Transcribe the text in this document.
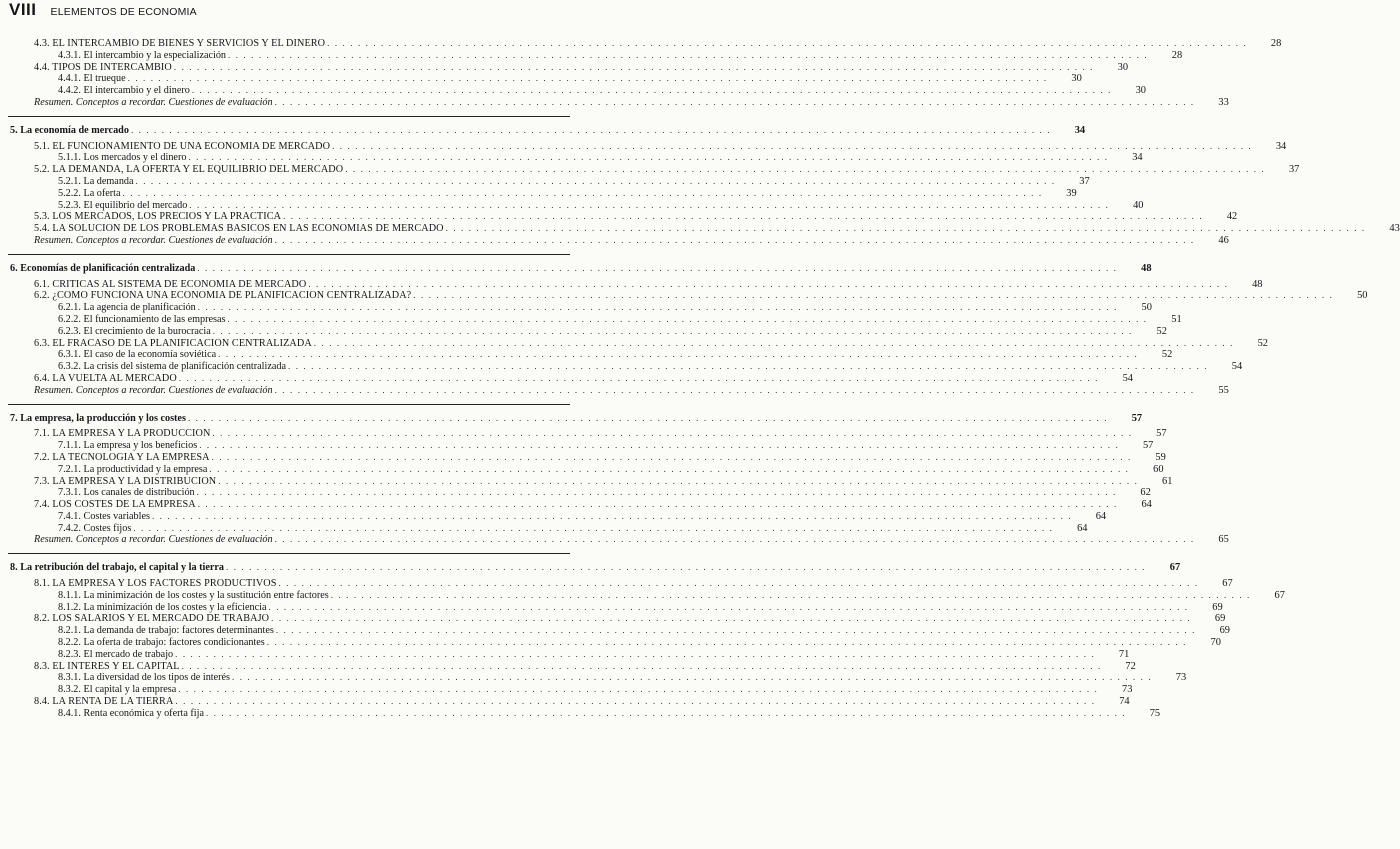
VIII ELEMENTOS DE ECONOMIA
4.3. EL INTERCAMBIO DE BIENES Y SERVICIOS Y EL DINERO . . . . . . . . . . . . . . . . . . . . . . . . . . . . . . . . . . . . . . . . . . . . . . . . . . . . . . . . . . . . . . . . . . . . . . . . . . . . . . . . . . . . . . . . . . . . . . . . . . . . . . . . . . . . . . . . . . . . . . . .	28
4.3.1. El intercambio y la especialización . . . . . . . . . . . . . . . . . . . . . . . . . . . . . . . . . . . . . . . . . . . . . . . . . . . . . . . . . . . . . . . . . . . . . . . . . . . . . . . . . . . . . . . . . . . . . . . . . . . . . . . . . . . . . . . . . . . . . . . .	28
4.4. TIPOS DE INTERCAMBIO . . . . . . . . . . . . . . . . . . . . . . . . . . . . . . . . . . . . . . . . . . . . . . . . . . . . . . . . . . . . . . . . . . . . . . . . . . . . . . . . . . . . . . . . . . . . . . . . . . . . . . . . . . . . . . . . . . . . . . . .	30
4.4.1. El trueque . . . . . . . . . . . . . . . . . . . . . . . . . . . . . . . . . . . . . . . . . . . . . . . . . . . . . . . . . . . . . . . . . . . . . . . . . . . . . . . . . . . . . . . . . . . . . . . . . . . . . . . . . . . . . . . . . . . . . . . .	30
4.4.2. El intercambio y el dinero . . . . . . . . . . . . . . . . . . . . . . . . . . . . . . . . . . . . . . . . . . . . . . . . . . . . . . . . . . . . . . . . . . . . . . . . . . . . . . . . . . . . . . . . . . . . . . . . . . . . . . . . . . . . . . . . . . . . . . . .	30
Resumen. Conceptos a recordar. Cuestiones de evaluación . . . . . . . . . . . . . . . . . . . . . . . . . . . . . . . . . . . . . . . . . . . . . . . . . . . . . . . . . . . . . . . . . . . . . . . . . . . . . . . . . . . . . . . . . . . . . . . . . . . . . . . . . . . . . . . . . . . . . . . .	33
5. La economía de mercado . . . . . . . . . . . . . . . . . . . . . . . . . . . . . . . . . . . . . . . . . . . . . . . . . . . . . . . . . . . . . . . . . . . . . . . . . . . . . . . . . . . . . . . . . . . . . . . . . . . . . . . . . . . . . . . . . . . . . . . .	34
5.1. EL FUNCIONAMIENTO DE UNA ECONOMIA DE MERCADO . . . . . . . . . . . . . . . . . . . . . . . . . . . . . . . . . . . . . . . . . . . . . . . . . . . . . . . . . . . . . . . . . . . . . . . . . . . . . . . . . . . . . . . . . . . . . . . . . . . . . . . . . . . . . . . . . . . . . . . .	34
5.1.1. Los mercados y el dinero . . . . . . . . . . . . . . . . . . . . . . . . . . . . . . . . . . . . . . . . . . . . . . . . . . . . . . . . . . . . . . . . . . . . . . . . . . . . . . . . . . . . . . . . . . . . . . . . . . . . . . . . . . . . . . . . . . . . . . . .	34
5.2. LA DEMANDA, LA OFERTA Y EL EQUILIBRIO DEL MERCADO . . . . . . . . . . . . . . . . . . . . . . . . . . . . . . . . . . . . . . . . . . . . . . . . . . . . . . . . . . . . . . . . . . . . . . . . . . . . . . . . . . . . . . . . . . . . . . . . . . . . . . . . . . . . . . . . . . . . . . . .	37
5.2.1. La demanda . . . . . . . . . . . . . . . . . . . . . . . . . . . . . . . . . . . . . . . . . . . . . . . . . . . . . . . . . . . . . . . . . . . . . . . . . . . . . . . . . . . . . . . . . . . . . . . . . . . . . . . . . . . . . . . . . . . . . . . .	37
5.2.2. La oferta . . . . . . . . . . . . . . . . . . . . . . . . . . . . . . . . . . . . . . . . . . . . . . . . . . . . . . . . . . . . . . . . . . . . . . . . . . . . . . . . . . . . . . . . . . . . . . . . . . . . . . . . . . . . . . . . . . . . . . . .	39
5.2.3. El equilibrio del mercado . . . . . . . . . . . . . . . . . . . . . . . . . . . . . . . . . . . . . . . . . . . . . . . . . . . . . . . . . . . . . . . . . . . . . . . . . . . . . . . . . . . . . . . . . . . . . . . . . . . . . . . . . . . . . . . . . . . . . . . .	40
5.3. LOS MERCADOS, LOS PRECIOS Y LA PRACTICA . . . . . . . . . . . . . . . . . . . . . . . . . . . . . . . . . . . . . . . . . . . . . . . . . . . . . . . . . . . . . . . . . . . . . . . . . . . . . . . . . . . . . . . . . . . . . . . . . . . . . . . . . . . . . . . . . . . . . . . .	42
5.4. LA SOLUCION DE LOS PROBLEMAS BASICOS EN LAS ECONOMIAS DE MERCADO . . . . . . . . . . . . . . . . . . . . . . . . . . . . . . . . . . . . . . . . . . . . . . . . . . . . . . . . . . . . . . . . . . . . . . . . . . . . . . . . . . . . . . . . . . . . . . . . . . . . . . . . . . . . . . . . . . . . . . . .	43
Resumen. Conceptos a recordar. Cuestiones de evaluación . . . . . . . . . . . . . . . . . . . . . . . . . . . . . . . . . . . . . . . . . . . . . . . . . . . . . . . . . . . . . . . . . . . . . . . . . . . . . . . . . . . . . . . . . . . . . . . . . . . . . . . . . . . . . . . . . . . . . . . .	46
6. Economías de planificación centralizada . . . . . . . . . . . . . . . . . . . . . . . . . . . . . . . . . . . . . . . . . . . . . . . . . . . . . . . . . . . . . . . . . . . . . . . . . . . . . . . . . . . . . . . . . . . . . . . . . . . . . . . . . . . . . . . . . . . . . . . .	48
6.1. CRITICAS AL SISTEMA DE ECONOMIA DE MERCADO . . . . . . . . . . . . . . . . . . . . . . . . . . . . . . . . . . . . . . . . . . . . . . . . . . . . . . . . . . . . . . . . . . . . . . . . . . . . . . . . . . . . . . . . . . . . . . . . . . . . . . . . . . . . . . . . . . . . . . . .	48
6.2. ¿COMO FUNCIONA UNA ECONOMIA DE PLANIFICACION CENTRALIZADA? . . . . . . . . . . . . . . . . . . . . . . . . . . . . . . . . . . . . . . . . . . . . . . . . . . . . . . . . . . . . . . . . . . . . . . . . . . . . . . . . . . . . . . . . . . . . . . . . . . . . . . . . . . . . . . . . . . . . . . . .	50
6.2.1. La agencia de planificación . . . . . . . . . . . . . . . . . . . . . . . . . . . . . . . . . . . . . . . . . . . . . . . . . . . . . . . . . . . . . . . . . . . . . . . . . . . . . . . . . . . . . . . . . . . . . . . . . . . . . . . . . . . . . . . . . . . . . . . .	50
6.2.2. El funcionamiento de las empresas . . . . . . . . . . . . . . . . . . . . . . . . . . . . . . . . . . . . . . . . . . . . . . . . . . . . . . . . . . . . . . . . . . . . . . . . . . . . . . . . . . . . . . . . . . . . . . . . . . . . . . . . . . . . . . . . . . . . . . . .	51
6.2.3. El crecimiento de la burocracia . . . . . . . . . . . . . . . . . . . . . . . . . . . . . . . . . . . . . . . . . . . . . . . . . . . . . . . . . . . . . . . . . . . . . . . . . . . . . . . . . . . . . . . . . . . . . . . . . . . . . . . . . . . . . . . . . . . . . . . .	52
6.3. EL FRACASO DE LA PLANIFICACION CENTRALIZADA . . . . . . . . . . . . . . . . . . . . . . . . . . . . . . . . . . . . . . . . . . . . . . . . . . . . . . . . . . . . . . . . . . . . . . . . . . . . . . . . . . . . . . . . . . . . . . . . . . . . . . . . . . . . . . . . . . . . . . . .	52
6.3.1. El caso de la economía soviética . . . . . . . . . . . . . . . . . . . . . . . . . . . . . . . . . . . . . . . . . . . . . . . . . . . . . . . . . . . . . . . . . . . . . . . . . . . . . . . . . . . . . . . . . . . . . . . . . . . . . . . . . . . . . . . . . . . . . . . .	52
6.3.2. La crisis del sistema de planificación centralizada . . . . . . . . . . . . . . . . . . . . . . . . . . . . . . . . . . . . . . . . . . . . . . . . . . . . . . . . . . . . . . . . . . . . . . . . . . . . . . . . . . . . . . . . . . . . . . . . . . . . . . . . . . . . . . . . . . . . . . . .	54
6.4. LA VUELTA AL MERCADO . . . . . . . . . . . . . . . . . . . . . . . . . . . . . . . . . . . . . . . . . . . . . . . . . . . . . . . . . . . . . . . . . . . . . . . . . . . . . . . . . . . . . . . . . . . . . . . . . . . . . . . . . . . . . . . . . . . . . . . .	54
Resumen. Conceptos a recordar. Cuestiones de evaluación . . . . . . . . . . . . . . . . . . . . . . . . . . . . . . . . . . . . . . . . . . . . . . . . . . . . . . . . . . . . . . . . . . . . . . . . . . . . . . . . . . . . . . . . . . . . . . . . . . . . . . . . . . . . . . . . . . . . . . . .	55
7. La empresa, la producción y los costes . . . . . . . . . . . . . . . . . . . . . . . . . . . . . . . . . . . . . . . . . . . . . . . . . . . . . . . . . . . . . . . . . . . . . . . . . . . . . . . . . . . . . . . . . . . . . . . . . . . . . . . . . . . . . . . . . . . . . . . .	57
7.1. LA EMPRESA Y LA PRODUCCION . . . . . . . . . . . . . . . . . . . . . . . . . . . . . . . . . . . . . . . . . . . . . . . . . . . . . . . . . . . . . . . . . . . . . . . . . . . . . . . . . . . . . . . . . . . . . . . . . . . . . . . . . . . . . . . . . . . . . . . .	57
7.1.1. La empresa y los beneficios . . . . . . . . . . . . . . . . . . . . . . . . . . . . . . . . . . . . . . . . . . . . . . . . . . . . . . . . . . . . . . . . . . . . . . . . . . . . . . . . . . . . . . . . . . . . . . . . . . . . . . . . . . . . . . . . . . . . . . . .	57
7.2. LA TECNOLOGIA Y LA EMPRESA . . . . . . . . . . . . . . . . . . . . . . . . . . . . . . . . . . . . . . . . . . . . . . . . . . . . . . . . . . . . . . . . . . . . . . . . . . . . . . . . . . . . . . . . . . . . . . . . . . . . . . . . . . . . . . . . . . . . . . . .	59
7.2.1. La productividad y la empresa . . . . . . . . . . . . . . . . . . . . . . . . . . . . . . . . . . . . . . . . . . . . . . . . . . . . . . . . . . . . . . . . . . . . . . . . . . . . . . . . . . . . . . . . . . . . . . . . . . . . . . . . . . . . . . . . . . . . . . . .	60
7.3. LA EMPRESA Y LA DISTRIBUCION . . . . . . . . . . . . . . . . . . . . . . . . . . . . . . . . . . . . . . . . . . . . . . . . . . . . . . . . . . . . . . . . . . . . . . . . . . . . . . . . . . . . . . . . . . . . . . . . . . . . . . . . . . . . . . . . . . . . . . . .	61
7.3.1. Los canales de distribución . . . . . . . . . . . . . . . . . . . . . . . . . . . . . . . . . . . . . . . . . . . . . . . . . . . . . . . . . . . . . . . . . . . . . . . . . . . . . . . . . . . . . . . . . . . . . . . . . . . . . . . . . . . . . . . . . . . . . . . .	62
7.4. LOS COSTES DE LA EMPRESA . . . . . . . . . . . . . . . . . . . . . . . . . . . . . . . . . . . . . . . . . . . . . . . . . . . . . . . . . . . . . . . . . . . . . . . . . . . . . . . . . . . . . . . . . . . . . . . . . . . . . . . . . . . . . . . . . . . . . . . .	64
7.4.1. Costes variables . . . . . . . . . . . . . . . . . . . . . . . . . . . . . . . . . . . . . . . . . . . . . . . . . . . . . . . . . . . . . . . . . . . . . . . . . . . . . . . . . . . . . . . . . . . . . . . . . . . . . . . . . . . . . . . . . . . . . . . .	64
7.4.2. Costes fijos . . . . . . . . . . . . . . . . . . . . . . . . . . . . . . . . . . . . . . . . . . . . . . . . . . . . . . . . . . . . . . . . . . . . . . . . . . . . . . . . . . . . . . . . . . . . . . . . . . . . . . . . . . . . . . . . . . . . . . . .	64
Resumen. Conceptos a recordar. Cuestiones de evaluación . . . . . . . . . . . . . . . . . . . . . . . . . . . . . . . . . . . . . . . . . . . . . . . . . . . . . . . . . . . . . . . . . . . . . . . . . . . . . . . . . . . . . . . . . . . . . . . . . . . . . . . . . . . . . . . . . . . . . . . .	65
8. La retribución del trabajo, el capital y la tierra . . . . . . . . . . . . . . . . . . . . . . . . . . . . . . . . . . . . . . . . . . . . . . . . . . . . . . . . . . . . . . . . . . . . . . . . . . . . . . . . . . . . . . . . . . . . . . . . . . . . . . . . . . . . . . . . . . . . . . . .	67
8.1. LA EMPRESA Y LOS FACTORES PRODUCTIVOS . . . . . . . . . . . . . . . . . . . . . . . . . . . . . . . . . . . . . . . . . . . . . . . . . . . . . . . . . . . . . . . . . . . . . . . . . . . . . . . . . . . . . . . . . . . . . . . . . . . . . . . . . . . . . . . . . . . . . . . .	67
8.1.1. La minimización de los costes y la sustitución entre factores . . . . . . . . . . . . . . . . . . . . . . . . . . . . . . . . . . . . . . . . . . . . . . . . . . . . . . . . . . . . . . . . . . . . . . . . . . . . . . . . . . . . . . . . . . . . . . . . . . . . . . . . . . . . . . . . . . . . . . . .	67
8.1.2. La minimización de los costes y la eficiencia . . . . . . . . . . . . . . . . . . . . . . . . . . . . . . . . . . . . . . . . . . . . . . . . . . . . . . . . . . . . . . . . . . . . . . . . . . . . . . . . . . . . . . . . . . . . . . . . . . . . . . . . . . . . . . . . . . . . . . . .	69
8.2. LOS SALARIOS Y EL MERCADO DE TRABAJO . . . . . . . . . . . . . . . . . . . . . . . . . . . . . . . . . . . . . . . . . . . . . . . . . . . . . . . . . . . . . . . . . . . . . . . . . . . . . . . . . . . . . . . . . . . . . . . . . . . . . . . . . . . . . . . . . . . . . . . .	69
8.2.1. La demanda de trabajo: factores determinantes . . . . . . . . . . . . . . . . . . . . . . . . . . . . . . . . . . . . . . . . . . . . . . . . . . . . . . . . . . . . . . . . . . . . . . . . . . . . . . . . . . . . . . . . . . . . . . . . . . . . . . . . . . . . . . . . . . . . . . . .	69
8.2.2. La oferta de trabajo: factores condicionantes . . . . . . . . . . . . . . . . . . . . . . . . . . . . . . . . . . . . . . . . . . . . . . . . . . . . . . . . . . . . . . . . . . . . . . . . . . . . . . . . . . . . . . . . . . . . . . . . . . . . . . . . . . . . . . . . . . . . . . . .	70
8.2.3. El mercado de trabajo . . . . . . . . . . . . . . . . . . . . . . . . . . . . . . . . . . . . . . . . . . . . . . . . . . . . . . . . . . . . . . . . . . . . . . . . . . . . . . . . . . . . . . . . . . . . . . . . . . . . . . . . . . . . . . . . . . . . . . . .	71
8.3. EL INTERES Y EL CAPITAL . . . . . . . . . . . . . . . . . . . . . . . . . . . . . . . . . . . . . . . . . . . . . . . . . . . . . . . . . . . . . . . . . . . . . . . . . . . . . . . . . . . . . . . . . . . . . . . . . . . . . . . . . . . . . . . . . . . . . . . .	72
8.3.1. La diversidad de los tipos de interés . . . . . . . . . . . . . . . . . . . . . . . . . . . . . . . . . . . . . . . . . . . . . . . . . . . . . . . . . . . . . . . . . . . . . . . . . . . . . . . . . . . . . . . . . . . . . . . . . . . . . . . . . . . . . . . . . . . . . . . .	73
8.3.2. El capital y la empresa . . . . . . . . . . . . . . . . . . . . . . . . . . . . . . . . . . . . . . . . . . . . . . . . . . . . . . . . . . . . . . . . . . . . . . . . . . . . . . . . . . . . . . . . . . . . . . . . . . . . . . . . . . . . . . . . . . . . . . . .	73
8.4. LA RENTA DE LA TIERRA . . . . . . . . . . . . . . . . . . . . . . . . . . . . . . . . . . . . . . . . . . . . . . . . . . . . . . . . . . . . . . . . . . . . . . . . . . . . . . . . . . . . . . . . . . . . . . . . . . . . . . . . . . . . . . . . . . . . . . . .	74
8.4.1. Renta económica y oferta fija . . . . . . . . . . . . . . . . . . . . . . . . . . . . . . . . . . . . . . . . . . . . . . . . . . . . . . . . . . . . . . . . . . . . . . . . . . . . . . . . . . . . . . . . . . . . . . . . . . . . . . . . . . . . . . . . . . . . . . . .	75
